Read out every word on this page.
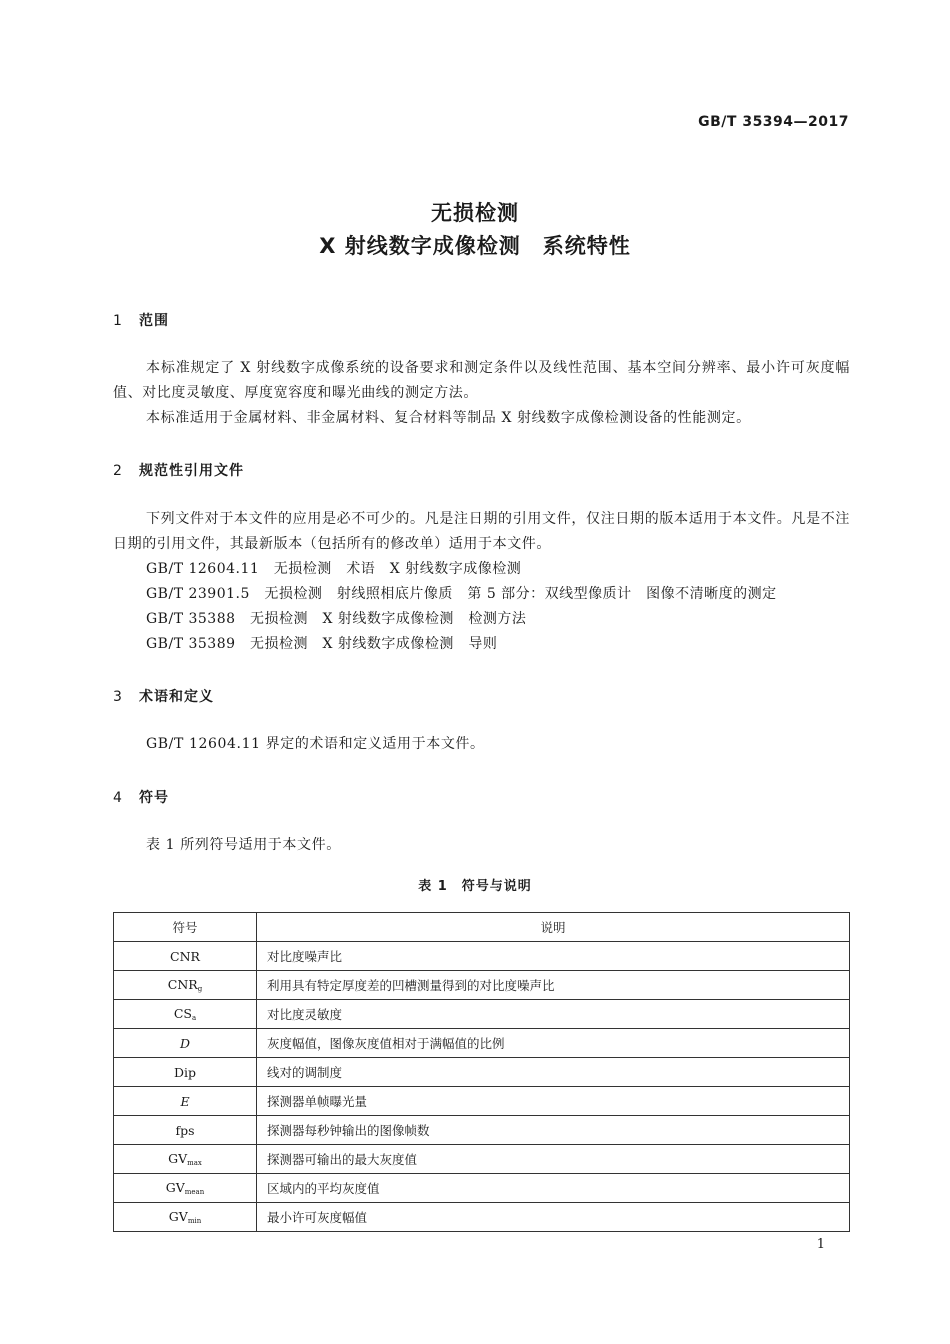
GB/T 35394—2017
无损检测
X 射线数字成像检测　系统特性
1 范围

本标准规定了 X 射线数字成像系统的设备要求和测定条件以及线性范围、基本空间分辨率、最小许可灰度幅值、对比度灵敏度、厚度宽容度和曝光曲线的测定方法。

本标准适用于金属材料、非金属材料、复合材料等制品 X 射线数字成像检测设备的性能测定。

2 规范性引用文件

下列文件对于本文件的应用是必不可少的。凡是注日期的引用文件，仅注日期的版本适用于本文件。凡是不注日期的引用文件，其最新版本（包括所有的修改单）适用于本文件。

GB/T 12604.11　无损检测　术语　X 射线数字成像检测
GB/T 23901.5　无损检测　射线照相底片像质　第 5 部分：双线型像质计　图像不清晰度的测定
GB/T 35388　无损检测　X 射线数字成像检测　检测方法
GB/T 35389　无损检测　X 射线数字成像检测　导则
3 术语和定义

GB/T 12604.11 界定的术语和定义适用于本文件。

4 符号

表 1 所列符号适用于本文件。

表 1　符号与说明
符号	说明
CNR	对比度噪声比
$CNR_g$	利用具有特定厚度差的凹槽测量得到的对比度噪声比
$CS_a$	对比度灵敏度
D	灰度幅值，图像灰度值相对于满幅值的比例
Dip	线对的调制度
E	探测器单帧曝光量
fps	探测器每秒钟输出的图像帧数
$GV_{max}$	探测器可输出的最大灰度值
$GV_{mean}$	区域内的平均灰度值
$GV_{min}$	最小许可灰度幅值
1
